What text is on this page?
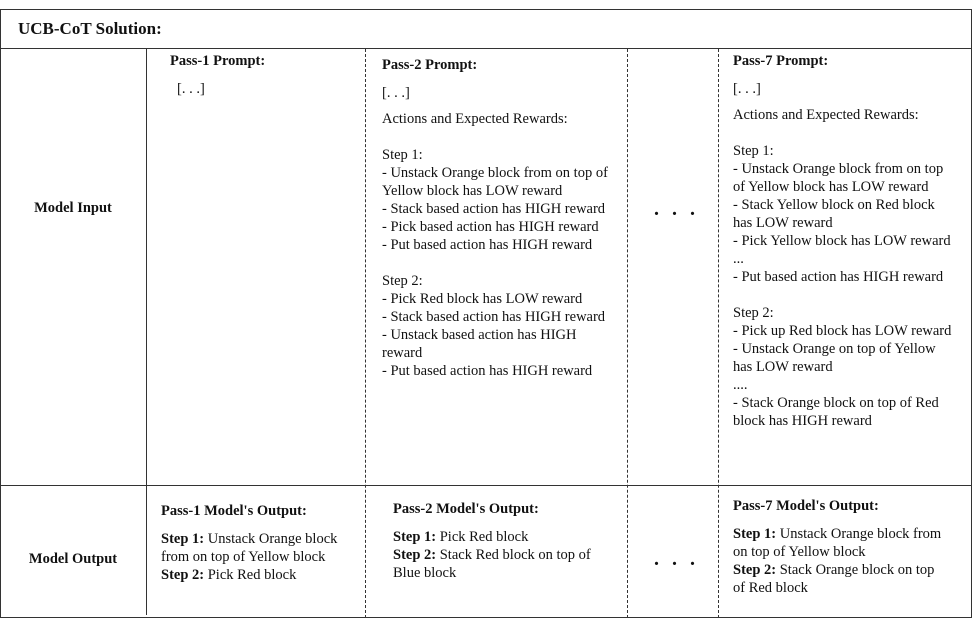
UCB-CoT Solution:
Model Input
Model Output
Pass-1 Prompt:
[. . .]
Pass-2 Prompt:
[. . .]
Actions and Expected Rewards:
Step 1:
- Unstack Orange block from on top of
Yellow block has LOW reward
- Stack based action has HIGH reward
- Pick based action has HIGH reward
- Put based action has HIGH reward
Step 2:
- Pick Red block has LOW reward
- Stack based action has HIGH reward
- Unstack based action has HIGH
reward
- Put based action has HIGH reward
Pass-7 Prompt:
[. . .]
Actions and Expected Rewards:
Step 1:
- Unstack Orange block from on top
of Yellow block has LOW reward
- Stack Yellow block on Red block
has LOW reward
- Pick Yellow block has LOW reward
...
- Put based action has HIGH reward
Step 2:
- Pick up Red block has LOW reward
- Unstack Orange on top of Yellow
has LOW reward
....
- Stack Orange block on top of Red
block has HIGH reward
. . .
. . .
Pass-1 Model's Output:
Step 1: Unstack Orange block
from on top of Yellow block
Step 2: Pick Red block
Pass-2 Model's Output:
Step 1: Pick Red block
Step 2: Stack Red block on top of
Blue block
Pass-7 Model's Output:
Step 1: Unstack Orange block from
on top of Yellow block
Step 2: Stack Orange block on top
of Red block
